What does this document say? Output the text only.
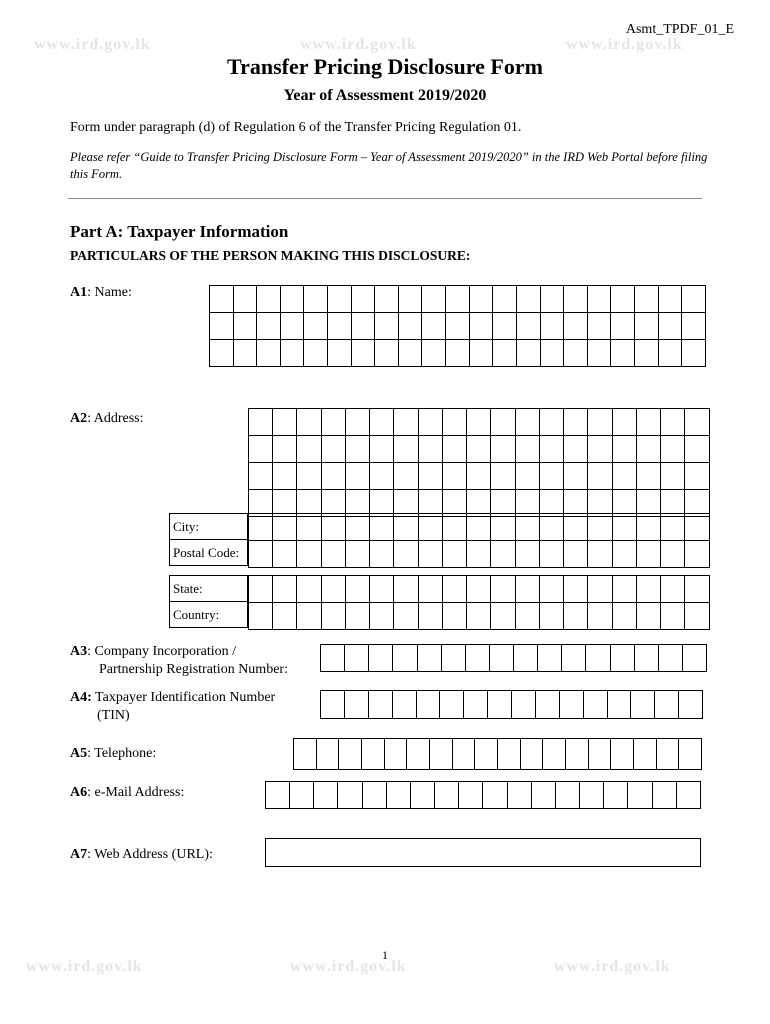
www.ird.gov.lk	www.ird.gov.lk	www.ird.gov.lk
www.ird.gov.lk	www.ird.gov.lk	www.ird.gov.lk
Asmt_TPDF_01_E
Transfer Pricing Disclosure Form
Year of Assessment 2019/2020
Form under paragraph (d) of Regulation 6 of the Transfer Pricing Regulation 01.
Please refer “Guide to Transfer Pricing Disclosure Form – Year of Assessment 2019/2020” in the IRD Web Portal before filing this Form.
Part A: Taxpayer Information
PARTICULARS OF THE PERSON MAKING THIS DISCLOSURE:
A1: Name:

A2: Address:

City:
Postal Code:

State:
Country:

A3: Company Incorporation /
Partnership Registration Number:

A4: Taxpayer Identification Number
(TIN)

A5: Telephone:

A6: e-Mail Address:

A7: Web Address (URL):
1
